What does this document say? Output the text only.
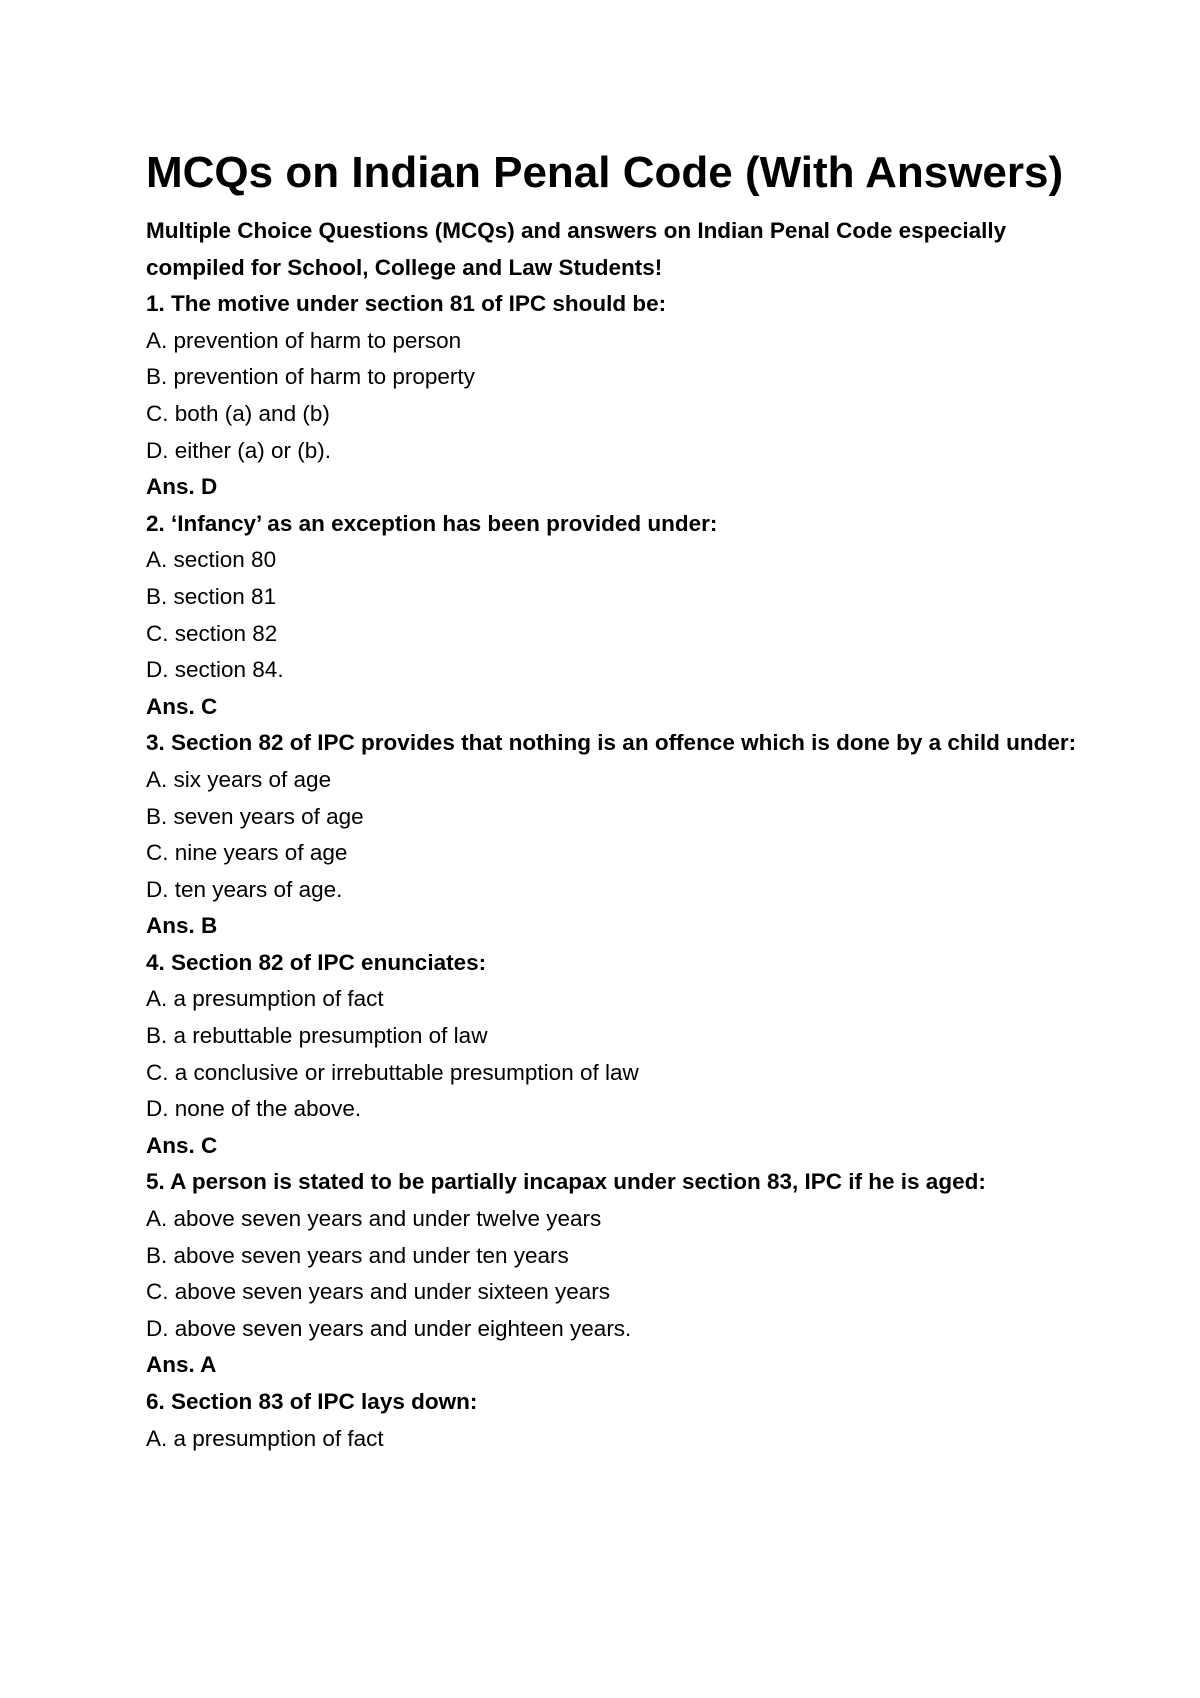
MCQs on Indian Penal Code (With Answers)

Multiple Choice Questions (MCQs) and answers on Indian Penal Code especially compiled for School, College and Law Students!

1. The motive under section 81 of IPC should be:

A. prevention of harm to person

B. prevention of harm to property

C. both (a) and (b)

D. either (a) or (b).

Ans. D

2. ‘Infancy’ as an exception has been provided under:

A. section 80

B. section 81

C. section 82

D. section 84.

Ans. C

3. Section 82 of IPC provides that nothing is an offence which is done by a child under:

A. six years of age

B. seven years of age

C. nine years of age

D. ten years of age.

Ans. B

4. Section 82 of IPC enunciates:

A. a presumption of fact

B. a rebuttable presumption of law

C. a conclusive or irrebuttable presumption of law

D. none of the above.

Ans. C

5. A person is stated to be partially incapax under section 83, IPC if he is aged:

A. above seven years and under twelve years

B. above seven years and under ten years

C. above seven years and under sixteen years

D. above seven years and under eighteen years.

Ans. A

6. Section 83 of IPC lays down:

A. a presumption of fact
